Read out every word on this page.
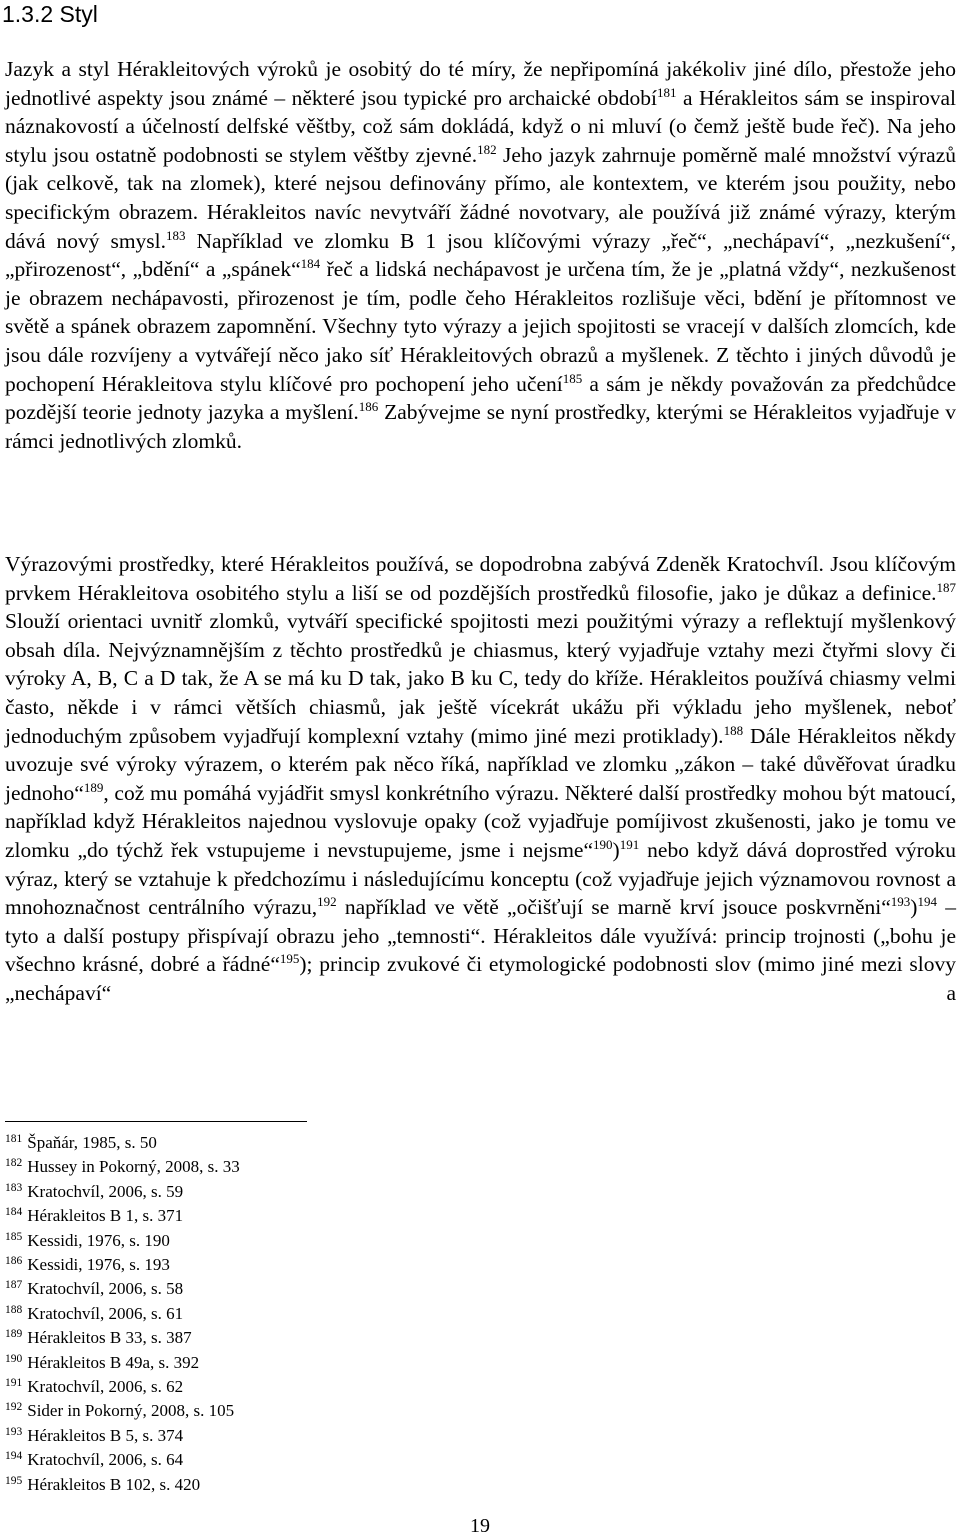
1.3.2 Styl

Jazyk a styl Hérakleitových výroků je osobitý do té míry, že nepřipomíná jakékoliv jiné dílo, přestože jeho jednotlivé aspekty jsou známé – některé jsou typické pro archaické období$^{181}$ a Hérakleitos sám se inspiroval náznakovostí a účelností delfské věštby, což sám dokládá, když o ni mluví (o čemž ještě bude řeč). Na jeho stylu jsou ostatně podobnosti se stylem věštby zjevné.$^{182}$ Jeho jazyk zahrnuje poměrně malé množství výrazů (jak celkově, tak na zlomek), které nejsou definovány přímo, ale kontextem, ve kterém jsou použity, nebo specifickým obrazem. Hérakleitos navíc nevytváří žádné novotvary, ale používá již známé výrazy, kterým dává nový smysl.$^{183}$ Například ve zlomku B 1 jsou klíčovými výrazy „řeč“, „nechápaví“, „nezkušení“, „přirozenost“, „bdění“ a „spánek“$^{184}$ řeč a lidská nechápavost je určena tím, že je „platná vždy“, nezkušenost je obrazem nechápavosti, přirozenost je tím, podle čeho Hérakleitos rozlišuje věci, bdění je přítomnost ve světě a spánek obrazem zapomnění. Všechny tyto výrazy a jejich spojitosti se vracejí v dalších zlomcích, kde jsou dále rozvíjeny a vytvářejí něco jako síť Hérakleitových obrazů a myšlenek. Z těchto i jiných důvodů je pochopení Hérakleitova stylu klíčové pro pochopení jeho učení$^{185}$ a sám je někdy považován za předchůdce pozdější teorie jednoty jazyka a myšlení.$^{186}$ Zabývejme se nyní prostředky, kterými se Hérakleitos vyjadřuje v rámci jednotlivých zlomků.

Výrazovými prostředky, které Hérakleitos používá, se dopodrobna zabývá Zdeněk Kratochvíl. Jsou klíčovým prvkem Hérakleitova osobitého stylu a liší se od pozdějších prostředků filosofie, jako je důkaz a definice.$^{187}$ Slouží orientaci uvnitř zlomků, vytváří specifické spojitosti mezi použitými výrazy a reflektují myšlenkový obsah díla. Nejvýznamnějším z těchto prostředků je chiasmus, který vyjadřuje vztahy mezi čtyřmi slovy či výroky A, B, C a D tak, že A se má ku D tak, jako B ku C, tedy do kříže. Hérakleitos používá chiasmy velmi často, někde i v rámci větších chiasmů, jak ještě vícekrát ukážu při výkladu jeho myšlenek, neboť jednoduchým způsobem vyjadřují komplexní vztahy (mimo jiné mezi protiklady).$^{188}$ Dále Hérakleitos někdy uvozuje své výroky výrazem, o kterém pak něco říká, například ve zlomku „zákon – také důvěřovat úradku jednoho“$^{189}$, což mu pomáhá vyjádřit smysl konkrétního výrazu. Některé další prostředky mohou být matoucí, například když Hérakleitos najednou vyslovuje opaky (což vyjadřuje pomíjivost zkušenosti, jako je tomu ve zlomku „do týchž řek vstupujeme i nevstupujeme, jsme i nejsme“$^{190}$)$^{191}$ nebo když dává doprostřed výroku výraz, který se vztahuje k předchozímu i následujícímu konceptu (což vyjadřuje jejich významovou rovnost a mnohoznačnost centrálního výrazu,$^{192}$ například ve větě „očišťují se marně krví jsouce poskvrněni“$^{193}$)$^{194}$ – tyto a další postupy přispívají obrazu jeho „temnosti“. Hérakleitos dále využívá: princip trojnosti („bohu je všechno krásné, dobré a řádné“$^{195}$); princip zvukové či etymologické podobnosti slov (mimo jiné mezi slovy „nechápaví“ a

$^{181}$ Špaňár, 1985, s. 50
$^{182}$ Hussey in Pokorný, 2008, s. 33
$^{183}$ Kratochvíl, 2006, s. 59
$^{184}$ Hérakleitos B 1, s. 371
$^{185}$ Kessidi, 1976, s. 190
$^{186}$ Kessidi, 1976, s. 193
$^{187}$ Kratochvíl, 2006, s. 58
$^{188}$ Kratochvíl, 2006, s. 61
$^{189}$ Hérakleitos B 33, s. 387
$^{190}$ Hérakleitos B 49a, s. 392
$^{191}$ Kratochvíl, 2006, s. 62
$^{192}$ Sider in Pokorný, 2008, s. 105
$^{193}$ Hérakleitos B 5, s. 374
$^{194}$ Kratochvíl, 2006, s. 64
$^{195}$ Hérakleitos B 102, s. 420
19
